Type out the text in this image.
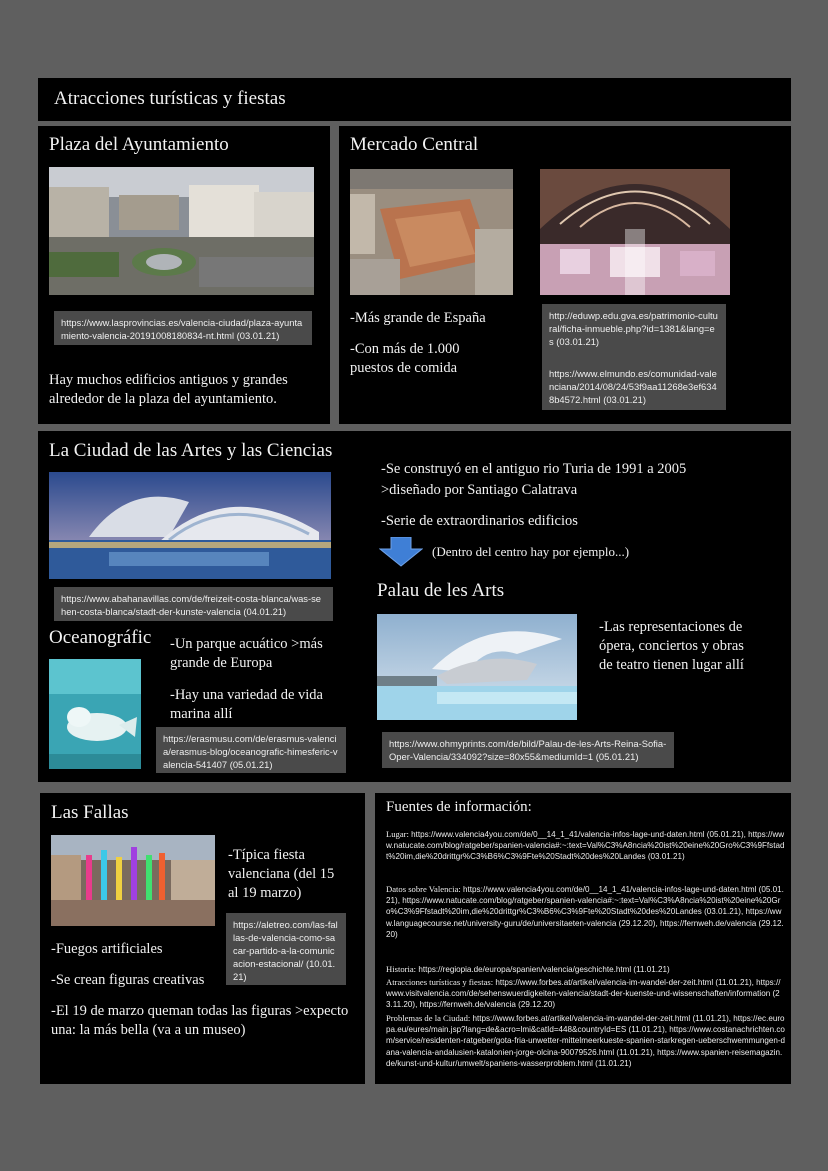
Atracciones turísticas y fiestas
Plaza del Ayuntamiento
https://www.lasprovincias.es/valencia-ciudad/plaza-ayuntamiento-valencia-20191008180834-nt.html (03.01.21)
Hay muchos edificios antiguos y grandes alrededor de la plaza del ayuntamiento.
Mercado Central
-Más grande de España
-Con más de 1.000 puestos de comida
http://eduwp.edu.gva.es/patrimonio-cultural/ficha-inmueble.php?id=1381&lang=es (03.01.21)
https://www.elmundo.es/comunidad-valenciana/2014/08/24/53f9aa11268e3ef6348b4572.html (03.01.21)
La Ciudad de las Artes y las Ciencias
https://www.abahanavillas.com/de/freizeit-costa-blanca/was-sehen-costa-blanca/stadt-der-kunste-valencia (04.01.21)
-Se construyó en el antiguo rio Turia de 1991 a 2005
>diseñado por Santiago Calatrava
-Serie de extraordinarios edificios
(Dentro del centro hay por ejemplo...)
Oceanográfic -Un parque acuático >más grande de Europa
-Hay una variedad de vida marina allí
https://erasmusu.com/de/erasmus-valencia/erasmus-blog/oceanografic-himesferic-valencia-541407 (05.01.21)
Palau de les Arts
-Las representaciones de ópera, conciertos y obras de teatro tienen lugar allí
https://www.ohmyprints.com/de/bild/Palau-de-les-Arts-Reina-Sofia-Oper-Valencia/334092?size=80x55&mediumId=1 (05.01.21)
Las Fallas
-Típica fiesta valenciana (del 15 al 19 marzo)
https://aletreo.com/las-fallas-de-valencia-como-sacar-partido-a-la-comunicacion-estacional/ (10.01.21)
-Fuegos artificiales
-Se crean figuras creativas
-El 19 de marzo queman todas las figuras >expecto una: la más bella (va a un museo)
Fuentes de información:
Lugar: https://www.valencia4you.com/de/0__14_1_41/valencia-infos-lage-und-daten.html (05.01.21), https://www.natucate.com/blog/ratgeber/spanien-valencia#:~:text=Val%C3%A8ncia%20ist%20eine%20Gro%C3%9Ffstadt%20im,die%20drittgr%C3%B6%C3%9Fte%20Stadt%20des%20Landes (03.01.21)
Datos sobre Valencia: https://www.valencia4you.com/de/0__14_1_41/valencia-infos-lage-und-daten.html (05.01.21), https://www.natucate.com/blog/ratgeber/spanien-valencia#:~:text=Val%C3%A8ncia%20ist%20eine%20Gro%C3%9Ffstadt%20im,die%20drittgr%C3%B6%C3%9Fte%20Stadt%20des%20Landes (03.01.21), https://www.languagecourse.net/university-guru/de/universitaeten-valencia (29.12.20), https://fernweh.de/valencia (29.12.20)
Historia: https://regiopia.de/europa/spanien/valencia/geschichte.html (11.01.21)
Atracciones turísticas y fiestas: https://www.forbes.at/artikel/valencia-im-wandel-der-zeit.html (11.01.21), https://www.visitvalencia.com/de/sehenswuerdigkeiten-valencia/stadt-der-kuenste-und-wissenschaften/information (23.11.20), https://fernweh.de/valencia (29.12.20)
Problemas de la Ciudad: https://www.forbes.at/artikel/valencia-im-wandel-der-zeit.html (11.01.21), https://ec.europa.eu/eures/main.jsp?lang=de&acro=lmi&catId=448&countryId=ES (11.01.21), https://www.costanachrichten.com/service/residenten-ratgeber/gota-fria-unwetter-mittelmeerkueste-spanien-starkregen-ueberschwemmungen-dana-valencia-andalusien-katalonien-jorge-olcina-90079526.html (11.01.21), https://www.spanien-reisemagazin.de/kunst-und-kultur/umwelt/spaniens-wasserproblem.html (11.01.21)
